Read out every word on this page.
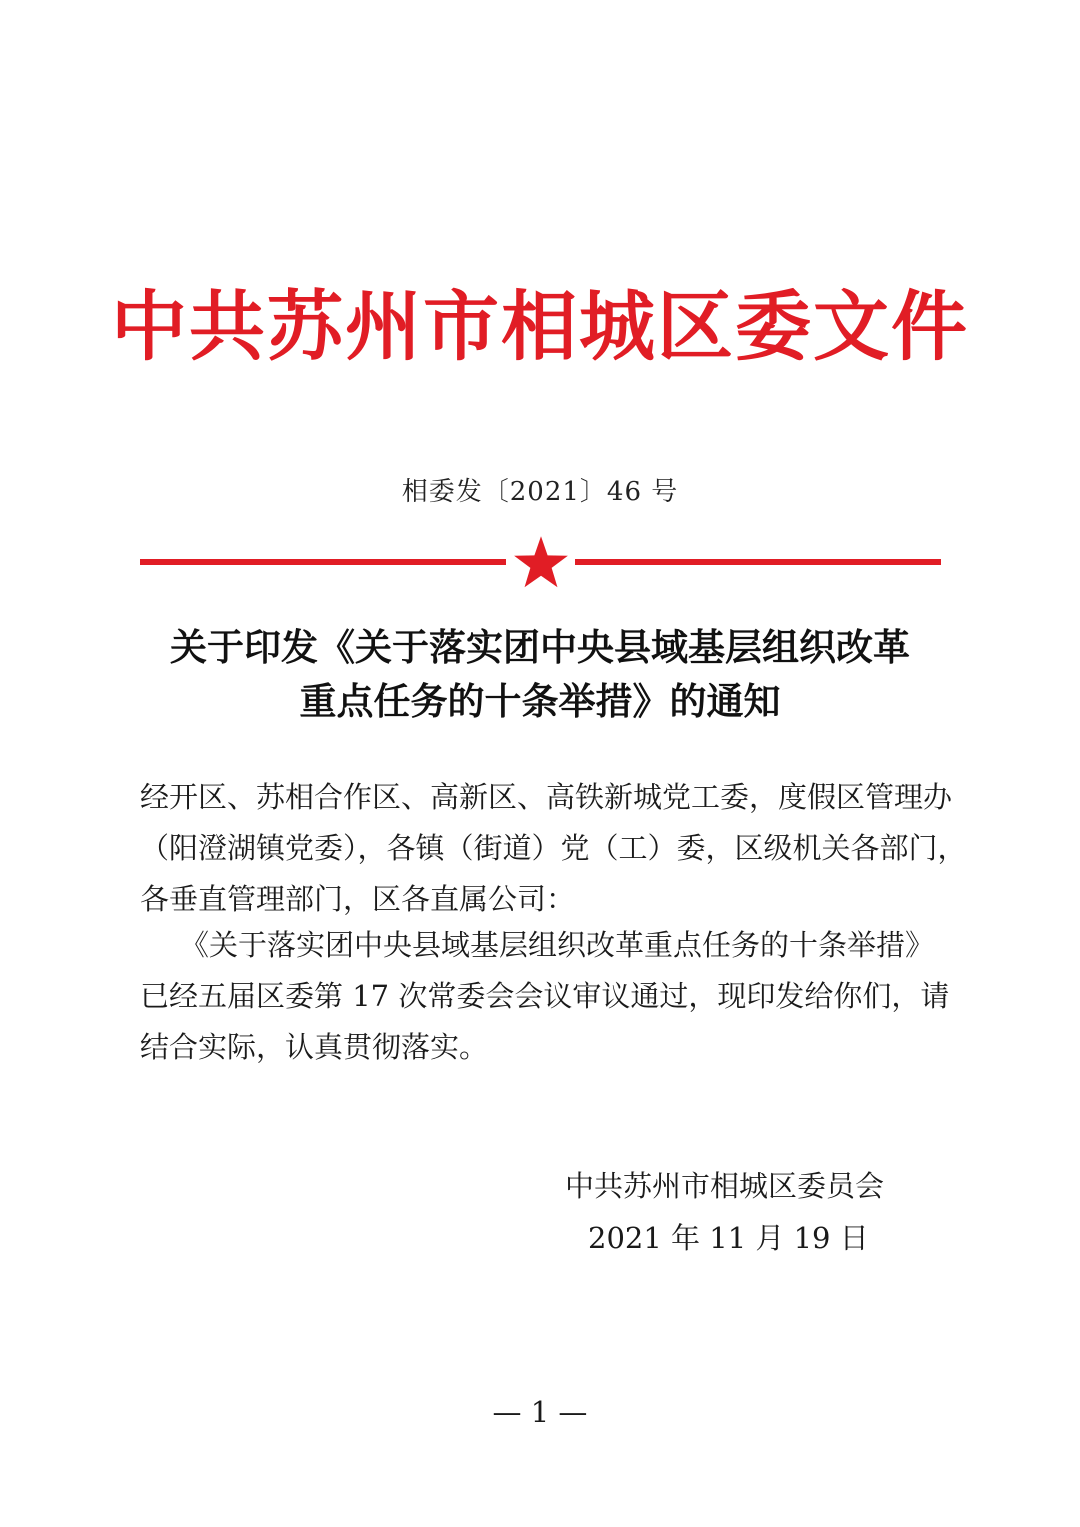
中共苏州市相城区委文件
相委发〔2021〕46 号
关于印发《关于落实团中央县域基层组织改革
重点任务的十条举措》的通知
经开区、苏相合作区、高新区、高铁新城党工委，度假区管理办
（阳澄湖镇党委），各镇（街道）党（工）委，区级机关各部门，
各垂直管理部门，区各直属公司：
《关于落实团中央县域基层组织改革重点任务的十条举措》
已经五届区委第 17 次常委会会议审议通过，现印发给你们，请
结合实际，认真贯彻落实。
中共苏州市相城区委员会
2021 年 11 月 19 日
— 1 —
